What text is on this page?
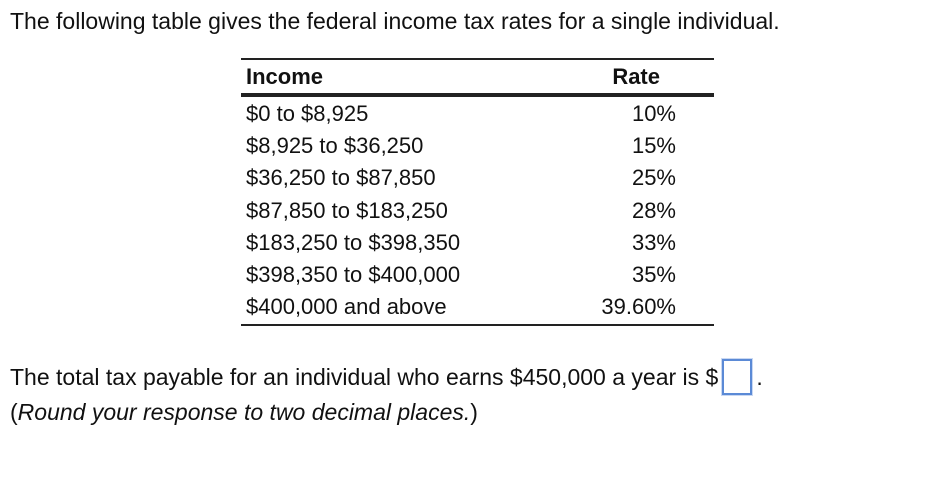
The following table gives the federal income tax rates for a single individual.
Income	Rate
$0 to $8,925	10%
$8,925 to $36,250	15%
$36,250 to $87,850	25%
$87,850 to $183,250	28%
$183,250 to $398,350	33%
$398,350 to $400,000	35%
$400,000 and above	39.60%
The total tax payable for an individual who earns $450,000 a year is $ .
(Round your response to two decimal places.)
